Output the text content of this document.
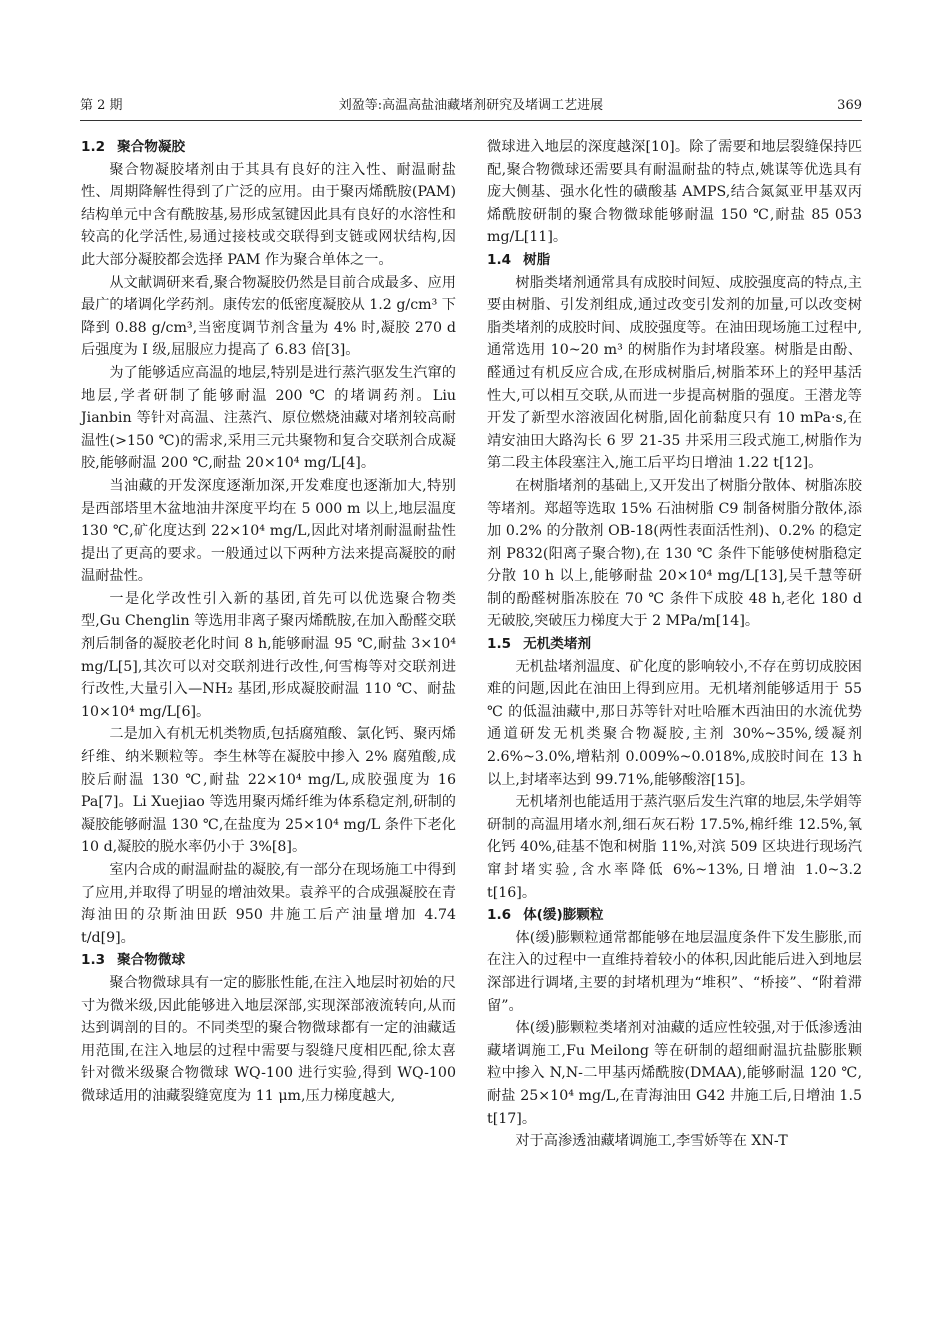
第 2 期	刘盈等:高温高盐油藏堵剂研究及堵调工艺进展	369
1.2 聚合物凝胶

聚合物凝胶堵剂由于其具有良好的注入性、耐温耐盐性、周期降解性得到了广泛的应用。由于聚丙烯酰胺(PAM)结构单元中含有酰胺基,易形成氢键因此具有良好的水溶性和较高的化学活性,易通过接枝或交联得到支链或网状结构,因此大部分凝胶都会选择 PAM 作为聚合单体之一。

从文献调研来看,聚合物凝胶仍然是目前合成最多、应用最广的堵调化学药剂。康传宏的低密度凝胶从 1.2 g/cm³ 下降到 0.88 g/cm³,当密度调节剂含量为 4% 时,凝胶 270 d 后强度为 I 级,屈服应力提高了 6.83 倍[3]。

为了能够适应高温的地层,特别是进行蒸汽驱发生汽窜的地层,学者研制了能够耐温 200 ℃ 的堵调药剂。Liu Jianbin 等针对高温、注蒸汽、原位燃烧油藏对堵剂较高耐温性(>150 ℃)的需求,采用三元共聚物和复合交联剂合成凝胶,能够耐温 200 ℃,耐盐 20×10⁴ mg/L[4]。

当油藏的开发深度逐渐加深,开发难度也逐渐加大,特别是西部塔里木盆地油井深度平均在 5 000 m 以上,地层温度 130 ℃,矿化度达到 22×10⁴ mg/L,因此对堵剂耐温耐盐性提出了更高的要求。一般通过以下两种方法来提高凝胶的耐温耐盐性。

一是化学改性引入新的基团,首先可以优选聚合物类型,Gu Chenglin 等选用非离子聚丙烯酰胺,在加入酚醛交联剂后制备的凝胶老化时间 8 h,能够耐温 95 ℃,耐盐 3×10⁴ mg/L[5],其次可以对交联剂进行改性,何雪梅等对交联剂进行改性,大量引入—NH₂ 基团,形成凝胶耐温 110 ℃、耐盐 10×10⁴ mg/L[6]。

二是加入有机无机类物质,包括腐殖酸、氯化钙、聚丙烯纤维、纳米颗粒等。李生林等在凝胶中掺入 2% 腐殖酸,成胶后耐温 130 ℃,耐盐 22×10⁴ mg/L,成胶强度为 16 Pa[7]。Li Xuejiao 等选用聚丙烯纤维为体系稳定剂,研制的凝胶能够耐温 130 ℃,在盐度为 25×10⁴ mg/L 条件下老化 10 d,凝胶的脱水率仍小于 3%[8]。

室内合成的耐温耐盐的凝胶,有一部分在现场施工中得到了应用,并取得了明显的增油效果。袁养平的合成强凝胶在青海油田的尕斯油田跃 950 井施工后产油量增加 4.74 t/d[9]。

1.3 聚合物微球

聚合物微球具有一定的膨胀性能,在注入地层时初始的尺寸为微米级,因此能够进入地层深部,实现深部液流转向,从而达到调剖的目的。不同类型的聚合物微球都有一定的油藏适用范围,在注入地层的过程中需要与裂缝尺度相匹配,徐太喜针对微米级聚合物微球 WQ-100 进行实验,得到 WQ-100 微球适用的油藏裂缝宽度为 11 μm,压力梯度越大,

微球进入地层的深度越深[10]。除了需要和地层裂缝保持匹配,聚合物微球还需要具有耐温耐盐的特点,姚谋等优选具有庞大侧基、强水化性的磺酸基 AMPS,结合氮氮亚甲基双丙烯酰胺研制的聚合物微球能够耐温 150 ℃,耐盐 85 053 mg/L[11]。

1.4 树脂

树脂类堵剂通常具有成胶时间短、成胶强度高的特点,主要由树脂、引发剂组成,通过改变引发剂的加量,可以改变树脂类堵剂的成胶时间、成胶强度等。在油田现场施工过程中,通常选用 10~20 m³ 的树脂作为封堵段塞。树脂是由酚、醛通过有机反应合成,在形成树脂后,树脂苯环上的羟甲基活性大,可以相互交联,从而进一步提高树脂的强度。王潜龙等开发了新型水溶液固化树脂,固化前黏度只有 10 mPa·s,在靖安油田大路沟长 6 罗 21-35 井采用三段式施工,树脂作为第二段主体段塞注入,施工后平均日增油 1.22 t[12]。

在树脂堵剂的基础上,又开发出了树脂分散体、树脂冻胶等堵剂。郑超等选取 15% 石油树脂 C9 制备树脂分散体,添加 0.2% 的分散剂 OB-18(两性表面活性剂)、0.2% 的稳定剂 P832(阳离子聚合物),在 130 ℃ 条件下能够使树脂稳定分散 10 h 以上,能够耐盐 20×10⁴ mg/L[13],吴千慧等研制的酚醛树脂冻胶在 70 ℃ 条件下成胶 48 h,老化 180 d 无破胶,突破压力梯度大于 2 MPa/m[14]。

1.5 无机类堵剂

无机盐堵剂温度、矿化度的影响较小,不存在剪切成胶困难的问题,因此在油田上得到应用。无机堵剂能够适用于 55 ℃ 的低温油藏中,那日苏等针对吐哈雁木西油田的水流优势通道研发无机类聚合物凝胶,主剂 30%~35%,缓凝剂 2.6%~3.0%,增粘剂 0.009%~0.018%,成胶时间在 13 h 以上,封堵率达到 99.71%,能够酸溶[15]。

无机堵剂也能适用于蒸汽驱后发生汽窜的地层,朱学娟等研制的高温用堵水剂,细石灰石粉 17.5%,棉纤维 12.5%,氧化钙 40%,硅基不饱和树脂 11%,对滨 509 区块进行现场汽窜封堵实验,含水率降低 6%~13%,日增油 1.0~3.2 t[16]。

1.6 体(缓)膨颗粒

体(缓)膨颗粒通常都能够在地层温度条件下发生膨胀,而在注入的过程中一直维持着较小的体积,因此能后进入到地层深部进行调堵,主要的封堵机理为“堆积”、“桥接”、“附着滞留”。

体(缓)膨颗粒类堵剂对油藏的适应性较强,对于低渗透油藏堵调施工,Fu Meilong 等在研制的超细耐温抗盐膨胀颗粒中掺入 N,N-二甲基丙烯酰胺(DMAA),能够耐温 120 ℃,耐盐 25×10⁴ mg/L,在青海油田 G42 井施工后,日增油 1.5 t[17]。

对于高渗透油藏堵调施工,李雪娇等在 XN-T
